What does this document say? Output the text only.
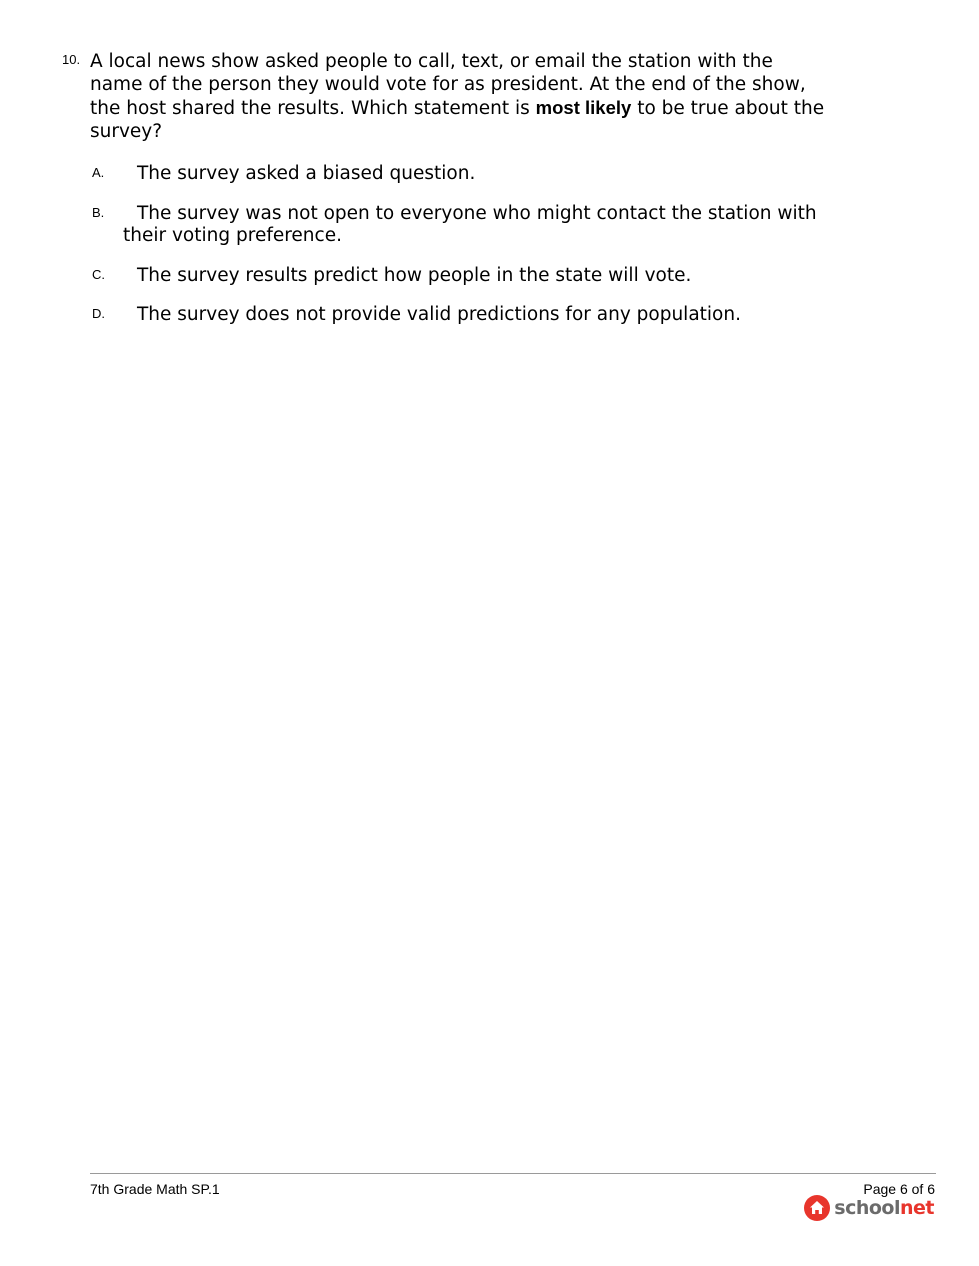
10. A local news show asked people to call, text, or email the station with the name of the person they would vote for as president. At the end of the show, the host shared the results. Which statement is most likely to be true about the survey?
A.	The survey asked a biased question.
B.	The survey was not open to everyone who might contact the station with their voting preference.
C.	The survey results predict how people in the state will vote.
D.	The survey does not provide valid predictions for any population.
7th Grade Math SP.1	Page 6 of 6
schoolnet
